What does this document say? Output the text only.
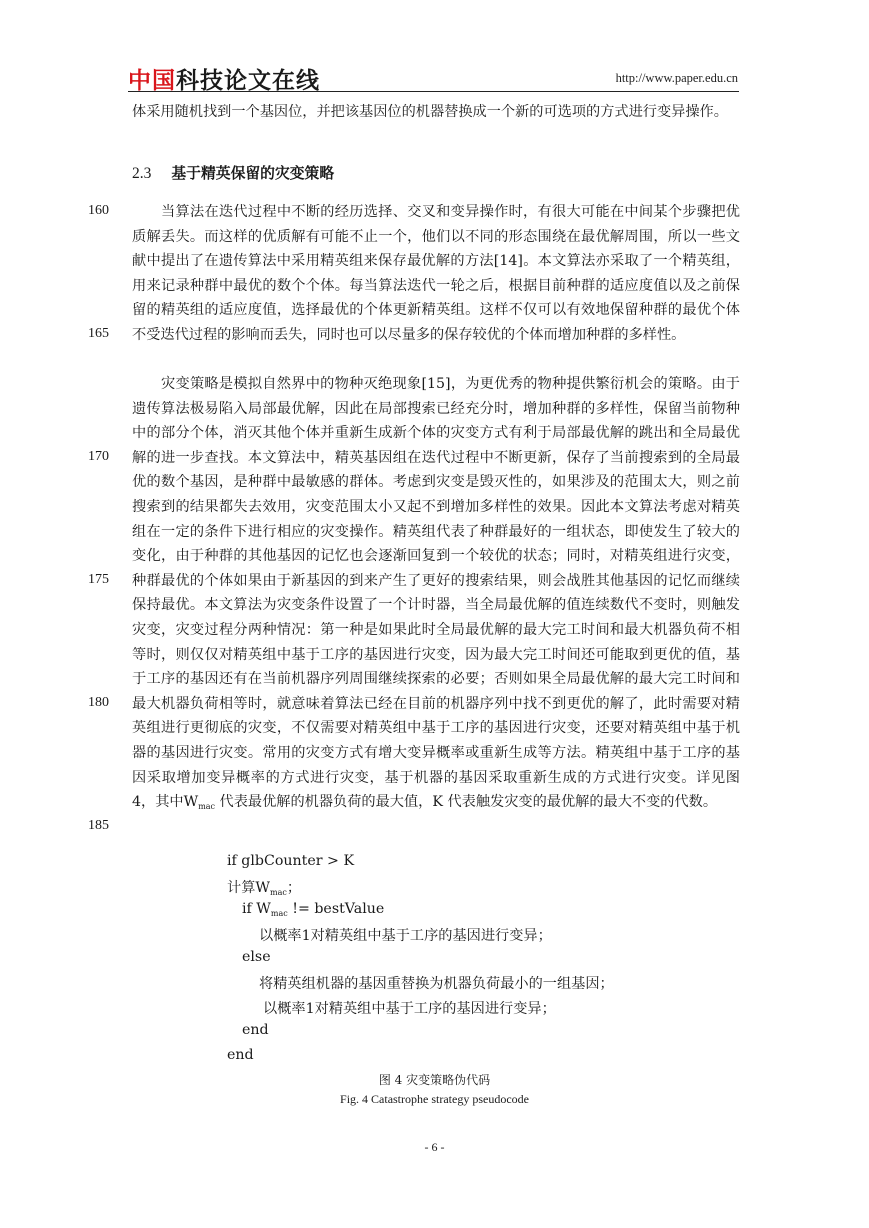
中国科技论文在线	http://www.paper.edu.cn

体采用随机找到一个基因位，并把该基因位的机器替换成一个新的可选项的方式进行变异操作。

2.3 基于精英保留的灾变策略
160
165
170
175
180
185

当算法在迭代过程中不断的经历选择、交叉和变异操作时，有很大可能在中间某个步骤把优质解丢失。而这样的优质解有可能不止一个，他们以不同的形态围绕在最优解周围，所以一些文献中提出了在遗传算法中采用精英组来保存最优解的方法[14]。本文算法亦采取了一个精英组，用来记录种群中最优的数个个体。每当算法迭代一轮之后，根据目前种群的适应度值以及之前保留的精英组的适应度值，选择最优的个体更新精英组。这样不仅可以有效地保留种群的最优个体不受迭代过程的影响而丢失，同时也可以尽量多的保存较优的个体而增加种群的多样性。

灾变策略是模拟自然界中的物种灭绝现象[15]，为更优秀的物种提供繁衍机会的策略。由于遗传算法极易陷入局部最优解，因此在局部搜索已经充分时，增加种群的多样性，保留当前物种中的部分个体，消灭其他个体并重新生成新个体的灾变方式有利于局部最优解的跳出和全局最优解的进一步查找。本文算法中，精英基因组在迭代过程中不断更新，保存了当前搜索到的全局最优的数个基因，是种群中最敏感的群体。考虑到灾变是毁灭性的，如果涉及的范围太大，则之前搜索到的结果都失去效用，灾变范围太小又起不到增加多样性的效果。因此本文算法考虑对精英组在一定的条件下进行相应的灾变操作。精英组代表了种群最好的一组状态，即使发生了较大的变化，由于种群的其他基因的记忆也会逐渐回复到一个较优的状态；同时，对精英组进行灾变，种群最优的个体如果由于新基因的到来产生了更好的搜索结果，则会战胜其他基因的记忆而继续保持最优。本文算法为灾变条件设置了一个计时器，当全局最优解的值连续数代不变时，则触发灾变，灾变过程分两种情况：第一种是如果此时全局最优解的最大完工时间和最大机器负荷不相等时，则仅仅对精英组中基于工序的基因进行灾变，因为最大完工时间还可能取到更优的值，基于工序的基因还有在当前机器序列周围继续探索的必要；否则如果全局最优解的最大完工时间和最大机器负荷相等时，就意味着算法已经在目前的机器序列中找不到更优的解了，此时需要对精英组进行更彻底的灾变，不仅需要对精英组中基于工序的基因进行灾变，还要对精英组中基于机器的基因进行灾变。常用的灾变方式有增大变异概率或重新生成等方法。精英组中基于工序的基因采取增加变异概率的方式进行灾变，基于机器的基因采取重新生成的方式进行灾变。详见图 4，其中$W_{mac}$ 代表最优解的机器负荷的最大值，K 代表触发灾变的最优解的最大不变的代数。

if glbCounter > K
计算$W_{mac}$；
if $W_{mac}$ != bestValue
以概率1对精英组中基于工序的基因进行变异；
else
将精英组机器的基因重替换为机器负荷最小的一组基因；
以概率1对精英组中基于工序的基因进行变异；
end
end
图 4 灾变策略伪代码
Fig. 4 Catastrophe strategy pseudocode
- 6 -
